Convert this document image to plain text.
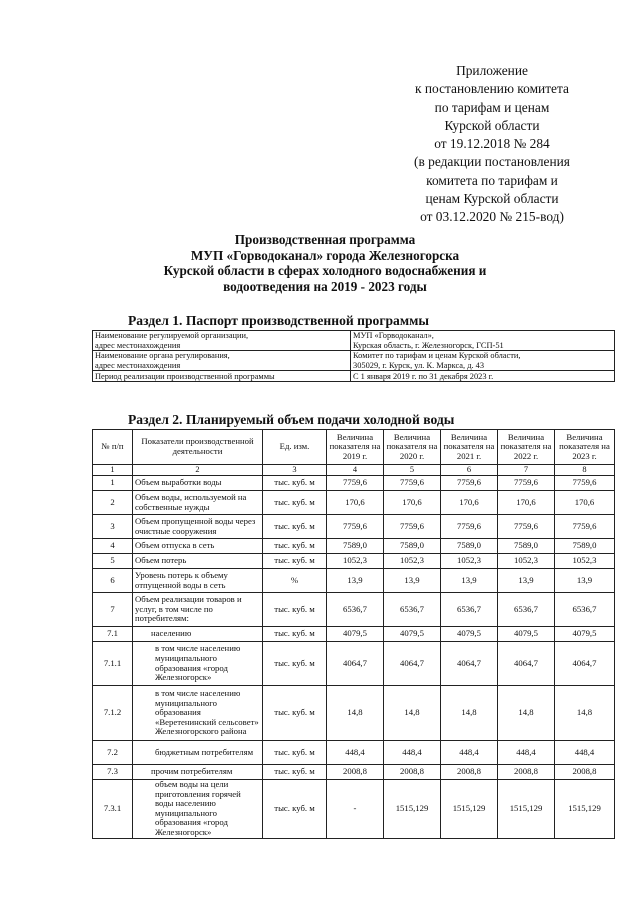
Приложение
к постановлению комитета
по тарифам и ценам
Курской области
от 19.12.2018 № 284
(в редакции постановления
комитета по тарифам и
ценам Курской области
от 03.12.2020 № 215-вод)
Производственная программа
МУП «Горводоканал» города Железногорска
Курской области в сферах холодного водоснабжения и
водоотведения на 2019 - 2023 годы
Раздел 1. Паспорт производственной программы
Наименование регулируемой организации,
адрес местонахождения	МУП «Горводоканал»,
Курская область, г. Железногорск, ГСП-51
Наименование органа регулирования,
адрес местонахождения	Комитет по тарифам и ценам Курской области,
305029, г. Курск, ул. К. Маркса, д. 43
Период реализации производственной программы	С 1 января 2019 г. по 31 декабря 2023 г.
Раздел 2. Планируемый объем подачи холодной воды
№ п/п	Показатели производственной деятельности	Ед. изм.	Величина показателя на 2019 г.	Величина показателя на 2020 г.	Величина показателя на 2021 г.	Величина показателя на 2022 г.	Величина показателя на 2023 г.
1	2	3	4	5	6	7	8
1	Объем выработки воды	тыс. куб. м	7759,6	7759,6	7759,6	7759,6	7759,6
2	Объем воды, используемой на собственные нужды	тыс. куб. м	170,6	170,6	170,6	170,6	170,6
3	Объем пропущенной воды через очистные сооружения	тыс. куб. м	7759,6	7759,6	7759,6	7759,6	7759,6
4	Объем отпуска в сеть	тыс. куб. м	7589,0	7589,0	7589,0	7589,0	7589,0
5	Объем потерь	тыс. куб. м	1052,3	1052,3	1052,3	1052,3	1052,3
6	Уровень потерь к объему отпущенной воды в сеть	%	13,9	13,9	13,9	13,9	13,9
7	Объем реализации товаров и услуг, в том числе по потребителям:	тыс. куб. м	6536,7	6536,7	6536,7	6536,7	6536,7
7.1	населению	тыс. куб. м	4079,5	4079,5	4079,5	4079,5	4079,5
7.1.1	в том числе населению муниципального образования «город Железногорск»	тыс. куб. м	4064,7	4064,7	4064,7	4064,7	4064,7
7.1.2	в том числе населению муниципального образования «Веретенинский сельсовет» Железногорского района	тыс. куб. м	14,8	14,8	14,8	14,8	14,8
7.2	бюджетным потребителям	тыс. куб. м	448,4	448,4	448,4	448,4	448,4
7.3	прочим потребителям	тыс. куб. м	2008,8	2008,8	2008,8	2008,8	2008,8
7.3.1	объем воды на цели приготовления горячей воды населению муниципального образования «город Железногорск»	тыс. куб. м	-	1515,129	1515,129	1515,129	1515,129
